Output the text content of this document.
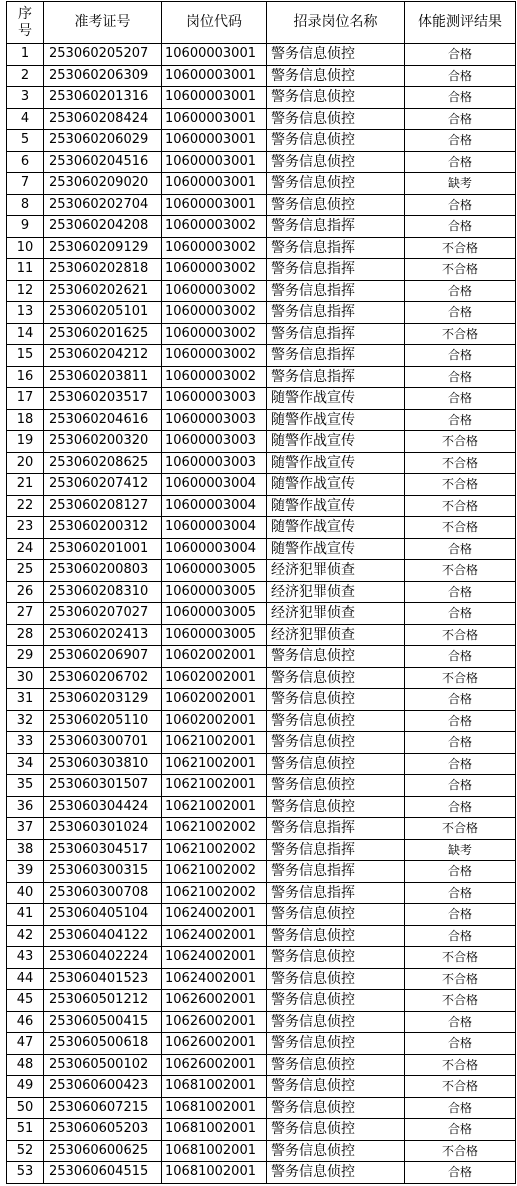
序号	准考证号	岗位代码	招录岗位名称	体能测评结果
1	253060205207	10600003001	警务信息侦控	合格
2	253060206309	10600003001	警务信息侦控	合格
3	253060201316	10600003001	警务信息侦控	合格
4	253060208424	10600003001	警务信息侦控	合格
5	253060206029	10600003001	警务信息侦控	合格
6	253060204516	10600003001	警务信息侦控	合格
7	253060209020	10600003001	警务信息侦控	缺考
8	253060202704	10600003001	警务信息侦控	合格
9	253060204208	10600003002	警务信息指挥	合格
10	253060209129	10600003002	警务信息指挥	不合格
11	253060202818	10600003002	警务信息指挥	不合格
12	253060202621	10600003002	警务信息指挥	合格
13	253060205101	10600003002	警务信息指挥	合格
14	253060201625	10600003002	警务信息指挥	不合格
15	253060204212	10600003002	警务信息指挥	合格
16	253060203811	10600003002	警务信息指挥	合格
17	253060203517	10600003003	随警作战宣传	合格
18	253060204616	10600003003	随警作战宣传	合格
19	253060200320	10600003003	随警作战宣传	不合格
20	253060208625	10600003003	随警作战宣传	不合格
21	253060207412	10600003004	随警作战宣传	不合格
22	253060208127	10600003004	随警作战宣传	不合格
23	253060200312	10600003004	随警作战宣传	不合格
24	253060201001	10600003004	随警作战宣传	合格
25	253060200803	10600003005	经济犯罪侦查	不合格
26	253060208310	10600003005	经济犯罪侦查	合格
27	253060207027	10600003005	经济犯罪侦查	合格
28	253060202413	10600003005	经济犯罪侦查	不合格
29	253060206907	10602002001	警务信息侦控	合格
30	253060206702	10602002001	警务信息侦控	不合格
31	253060203129	10602002001	警务信息侦控	合格
32	253060205110	10602002001	警务信息侦控	合格
33	253060300701	10621002001	警务信息侦控	合格
34	253060303810	10621002001	警务信息侦控	合格
35	253060301507	10621002001	警务信息侦控	合格
36	253060304424	10621002001	警务信息侦控	合格
37	253060301024	10621002002	警务信息指挥	不合格
38	253060304517	10621002002	警务信息指挥	缺考
39	253060300315	10621002002	警务信息指挥	合格
40	253060300708	10621002002	警务信息指挥	合格
41	253060405104	10624002001	警务信息侦控	合格
42	253060404122	10624002001	警务信息侦控	合格
43	253060402224	10624002001	警务信息侦控	不合格
44	253060401523	10624002001	警务信息侦控	不合格
45	253060501212	10626002001	警务信息侦控	不合格
46	253060500415	10626002001	警务信息侦控	合格
47	253060500618	10626002001	警务信息侦控	合格
48	253060500102	10626002001	警务信息侦控	不合格
49	253060600423	10681002001	警务信息侦控	不合格
50	253060607215	10681002001	警务信息侦控	合格
51	253060605203	10681002001	警务信息侦控	合格
52	253060600625	10681002001	警务信息侦控	不合格
53	253060604515	10681002001	警务信息侦控	合格
